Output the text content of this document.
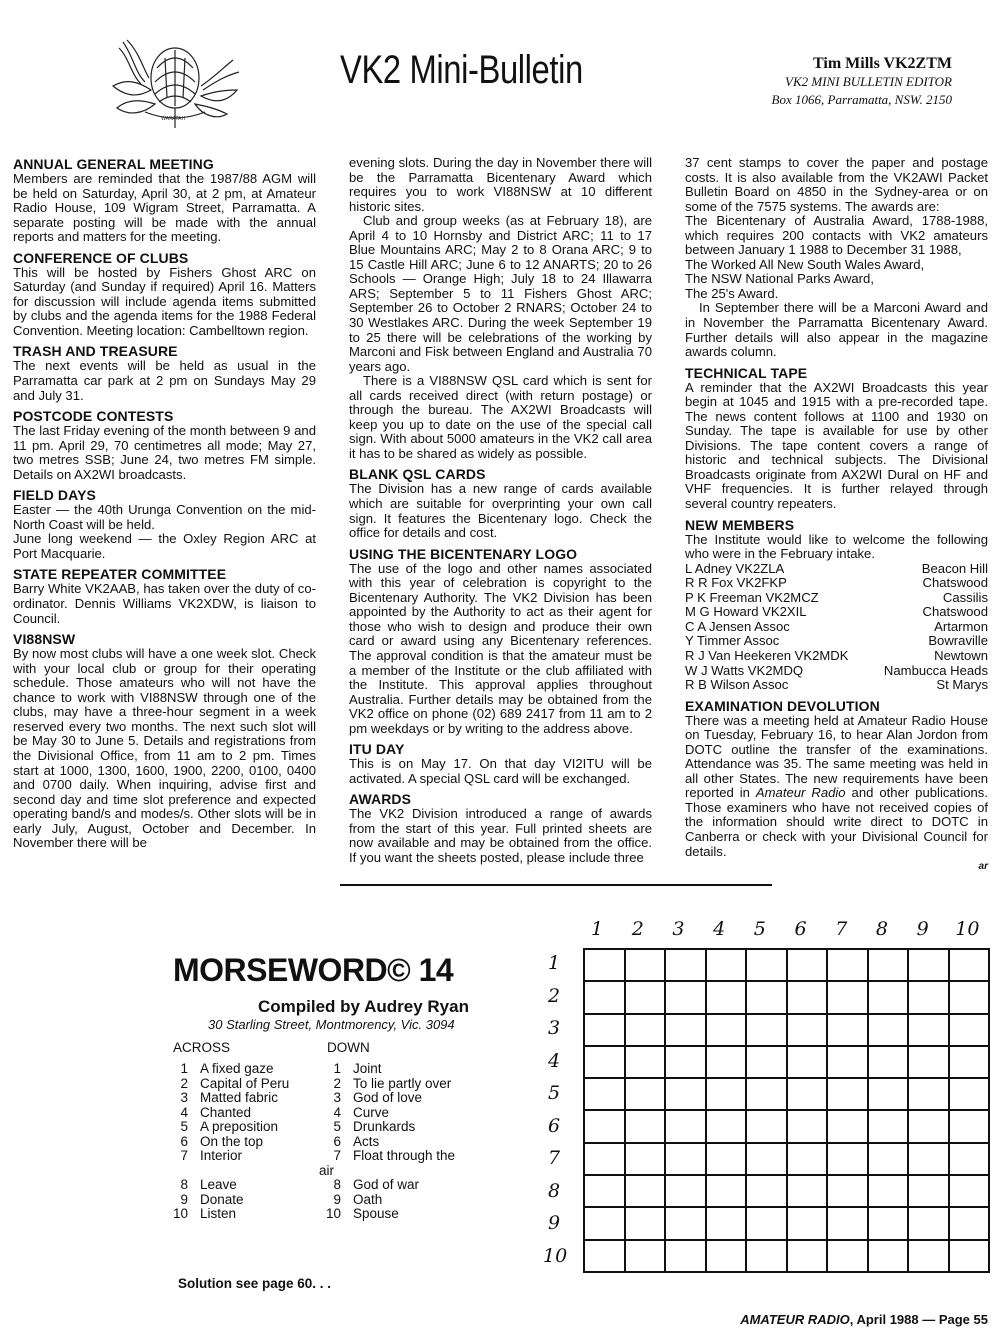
WARATAH
VK2 Mini-Bulletin	Tim Mills VK2ZTM
VK2 MINI BULLETIN EDITOR
Box 1066, Parramatta, NSW. 2150
ANNUAL GENERAL MEETING

Members are reminded that the 1987/88 AGM will be held on Saturday, April 30, at 2 pm, at Amateur Radio House, 109 Wigram Street, Parramatta. A separate posting will be made with the annual reports and matters for the meeting.

CONFERENCE OF CLUBS

This will be hosted by Fishers Ghost ARC on Saturday (and Sunday if required) April 16. Matters for discussion will include agenda items submitted by clubs and the agenda items for the 1988 Federal Convention. Meeting location: Cambelltown region.

TRASH AND TREASURE

The next events will be held as usual in the Parramatta car park at 2 pm on Sundays May 29 and July 31.

POSTCODE CONTESTS

The last Friday evening of the month between 9 and 11 pm. April 29, 70 centimetres all mode; May 27, two metres SSB; June 24, two metres FM simple. Details on AX2WI broadcasts.

FIELD DAYS

Easter — the 40th Urunga Convention on the mid-North Coast will be held.

June long weekend — the Oxley Region ARC at Port Macquarie.

STATE REPEATER COMMITTEE

Barry White VK2AAB, has taken over the duty of co-ordinator. Dennis Williams VK2XDW, is liaison to Council.

VI88NSW

By now most clubs will have a one week slot. Check with your local club or group for their operating schedule. Those amateurs who will not have the chance to work with VI88NSW through one of the clubs, may have a three-hour segment in a week reserved every two months. The next such slot will be May 30 to June 5. Details and registrations from the Divisional Office, from 11 am to 2 pm. Times start at 1000, 1300, 1600, 1900, 2200, 0100, 0400 and 0700 daily. When inquiring, advise first and second day and time slot preference and expected operating band/s and modes/s. Other slots will be in early July, August, October and December. In November there will be

evening slots. During the day in November there will be the Parramatta Bicentenary Award which requires you to work VI88NSW at 10 different historic sites.

Club and group weeks (as at February 18), are April 4 to 10 Hornsby and District ARC; 11 to 17 Blue Mountains ARC; May 2 to 8 Orana ARC; 9 to 15 Castle Hill ARC; June 6 to 12 ANARTS; 20 to 26 Schools — Orange High; July 18 to 24 Illawarra ARS; September 5 to 11 Fishers Ghost ARC; September 26 to October 2 RNARS; October 24 to 30 Westlakes ARC. During the week September 19 to 25 there will be celebrations of the working by Marconi and Fisk between England and Australia 70 years ago.

There is a VI88NSW QSL card which is sent for all cards received direct (with return postage) or through the bureau. The AX2WI Broadcasts will keep you up to date on the use of the special call sign. With about 5000 amateurs in the VK2 call area it has to be shared as widely as possible.

BLANK QSL CARDS

The Division has a new range of cards available which are suitable for overprinting your own call sign. It features the Bicentenary logo. Check the office for details and cost.

USING THE BICENTENARY LOGO

The use of the logo and other names associated with this year of celebration is copyright to the Bicentenary Authority. The VK2 Division has been appointed by the Authority to act as their agent for those who wish to design and produce their own card or award using any Bicentenary references. The approval condition is that the amateur must be a member of the Institute or the club affiliated with the Institute. This approval applies throughout Australia. Further details may be obtained from the VK2 office on phone (02) 689 2417 from 11 am to 2 pm weekdays or by writing to the address above.

ITU DAY

This is on May 17. On that day VI2ITU will be activated. A special QSL card will be exchanged.

AWARDS

The VK2 Division introduced a range of awards from the start of this year. Full printed sheets are now available and may be obtained from the office. If you want the sheets posted, please include three

37 cent stamps to cover the paper and postage costs. It is also available from the VK2AWI Packet Bulletin Board on 4850 in the Sydney-area or on some of the 7575 systems. The awards are:

The Bicentenary of Australia Award, 1788-1988, which requires 200 contacts with VK2 amateurs between January 1 1988 to December 31 1988,

The Worked All New South Wales Award,

The NSW National Parks Award,

The 25's Award.

In September there will be a Marconi Award and in November the Parramatta Bicentenary Award. Further details will also appear in the magazine awards column.

TECHNICAL TAPE

A reminder that the AX2WI Broadcasts this year begin at 1045 and 1915 with a pre-recorded tape. The news content follows at 1100 and 1930 on Sunday. The tape is available for use by other Divisions. The tape content covers a range of historic and technical subjects. The Divisional Broadcasts originate from AX2WI Dural on HF and VHF frequencies. It is further relayed through several country repeaters.

NEW MEMBERS

The Institute would like to welcome the following who were in the February intake.

L Adney VK2ZLA	Beacon Hill
R R Fox VK2FKP	Chatswood
P K Freeman VK2MCZ	Cassilis
M G Howard VK2XIL	Chatswood
C A Jensen Assoc	Artarmon
Y Timmer Assoc	Bowraville
R J Van Heekeren VK2MDK	Newtown
W J Watts VK2MDQ	Nambucca Heads
R B Wilson Assoc	St Marys
EXAMINATION DEVOLUTION

There was a meeting held at Amateur Radio House on Tuesday, February 16, to hear Alan Jordon from DOTC outline the transfer of the examinations. Attendance was 35. The same meeting was held in all other States. The new requirements have been reported in Amateur Radio and other publications. Those examiners who have not received copies of the information should write direct to DOTC in Canberra or check with your Divisional Council for details.

ar
MORSEWORD© 14
Compiled by Audrey Ryan
30 Starling Street, Montmorency, Vic. 3094
ACROSS	DOWN
1 A fixed gaze
2 Capital of Peru
3 Matted fabric
4 Chanted
5 A preposition
6 On the top
7 Interior

8 Leave
9 Donate
10 Listen
1 Joint
2 To lie partly over
3 God of love
4 Curve
5 Drunkards
6 Acts
7 Float through the
air
8 God of war
9 Oath
10 Spouse
Solution see page 60. . .
1 2 3 4 5 6 7 8 9 10
1
2
3
4
5
6
7
8
9
10
AMATEUR RADIO, April 1988 — Page 55
